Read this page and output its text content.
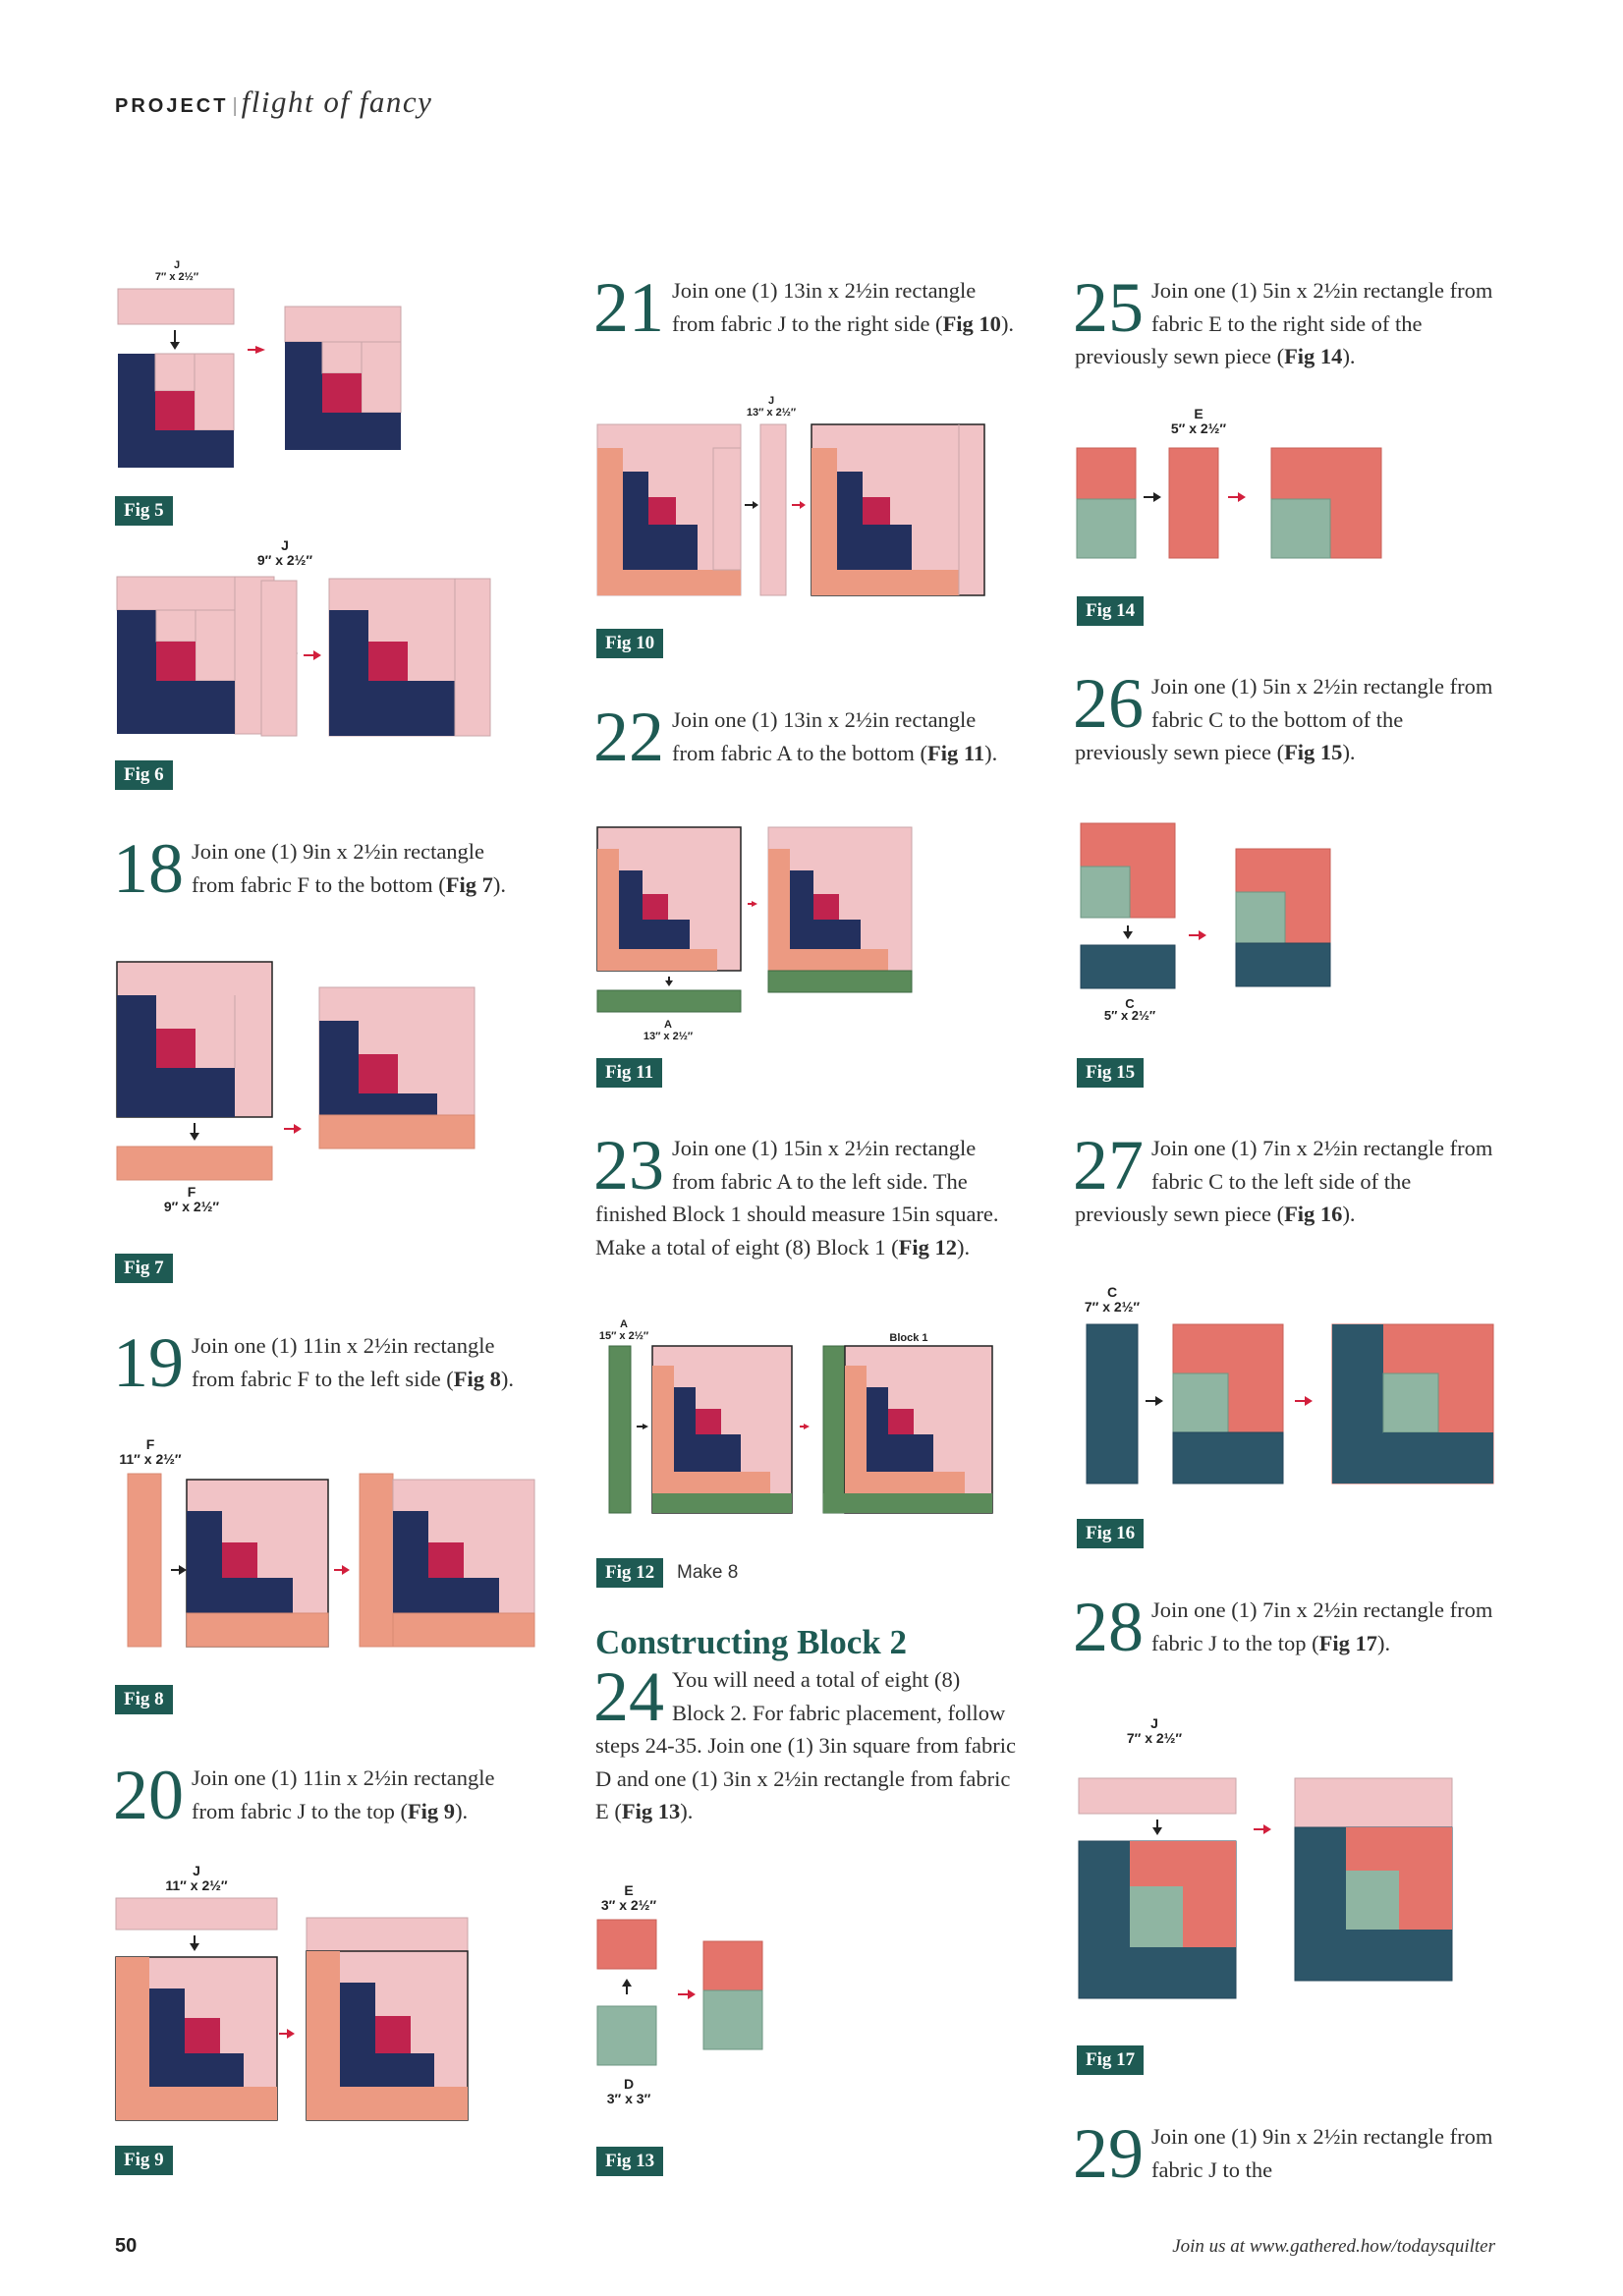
PROJECT | flight of fancy
J
7″ x 2½″
Fig 5
J
9″ x 2½″
Fig 6

18 Join one (1) 9in x 2½in rectangle from fabric F to the bottom (Fig 7).

F
9″ x 2½″
Fig 7

19 Join one (1) 11in x 2½in rectangle from fabric F to the left side (Fig 8).

F
11″ x 2½″
Fig 8

20 Join one (1) 11in x 2½in rectangle from fabric J to the top (Fig 9).

J
11″ x 2½″
Fig 9

21 Join one (1) 13in x 2½in rectangle from fabric J to the right side (Fig 10).

J
13″ x 2½″
Fig 10

22 Join one (1) 13in x 2½in rectangle from fabric A to the bottom (Fig 11).

A
13″ x 2½″
Fig 11

23 Join one (1) 15in x 2½in rectangle from fabric A to the left side. The finished Block 1 should measure 15in square. Make a total of eight (8) Block 1 (Fig 12).

A
15″ x 2½″	Block 1
Fig 12	Make 8
Constructing Block 2

24 You will need a total of eight (8) Block 2. For fabric placement, follow steps 24-35. Join one (1) 3in square from fabric D and one (1) 3in x 2½in rectangle from fabric E (Fig 13).

E
3″ x 2½″
D
3″ x 3″
Fig 13

25 Join one (1) 5in x 2½in rectangle from fabric E to the right side of the previously sewn piece (Fig 14).

E
5″ x 2½″
Fig 14

26 Join one (1) 5in x 2½in rectangle from fabric C to the bottom of the previously sewn piece (Fig 15).

C
5″ x 2½″
Fig 15

27 Join one (1) 7in x 2½in rectangle from fabric C to the left side of the previously sewn piece (Fig 16).

C
7″ x 2½″
Fig 16

28 Join one (1) 7in x 2½in rectangle from fabric J to the top (Fig 17).

J
7″ x 2½″
Fig 17

29 Join one (1) 9in x 2½in rectangle from fabric J to the

50	Join us at www.gathered.how/todaysquilter
